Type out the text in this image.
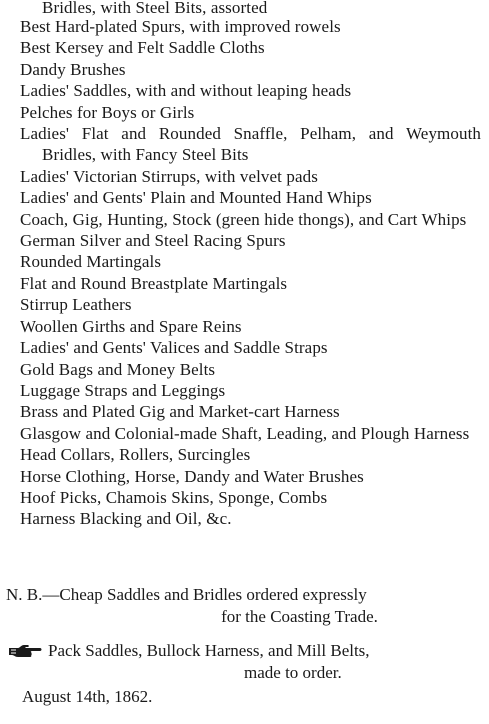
Bridles, with Steel Bits, assorted
Best Hard-plated Spurs, with improved rowels
Best Kersey and Felt Saddle Cloths
Dandy Brushes
Ladies' Saddles, with and without leaping heads
Pelches for Boys or Girls
Ladies' Flat and Rounded Snaffle, Pelham, and Weymouth Bridles, with Fancy Steel Bits
Ladies' Victorian Stirrups, with velvet pads
Ladies' and Gents' Plain and Mounted Hand Whips
Coach, Gig, Hunting, Stock (green hide thongs), and Cart Whips
German Silver and Steel Racing Spurs
Rounded Martingals
Flat and Round Breastplate Martingals
Stirrup Leathers
Woollen Girths and Spare Reins
Ladies' and Gents' Valices and Saddle Straps
Gold Bags and Money Belts
Luggage Straps and Leggings
Brass and Plated Gig and Market-cart Harness
Glasgow and Colonial-made Shaft, Leading, and Plough Harness
Head Collars, Rollers, Surcingles
Horse Clothing, Horse, Dandy and Water Brushes
Hoof Picks, Chamois Skins, Sponge, Combs
Harness Blacking and Oil, &c.
N. B.—Cheap Saddles and Bridles ordered expressly
for the Coasting Trade.
Pack Saddles, Bullock Harness, and Mill Belts,
made to order.
August 14th, 1862.
